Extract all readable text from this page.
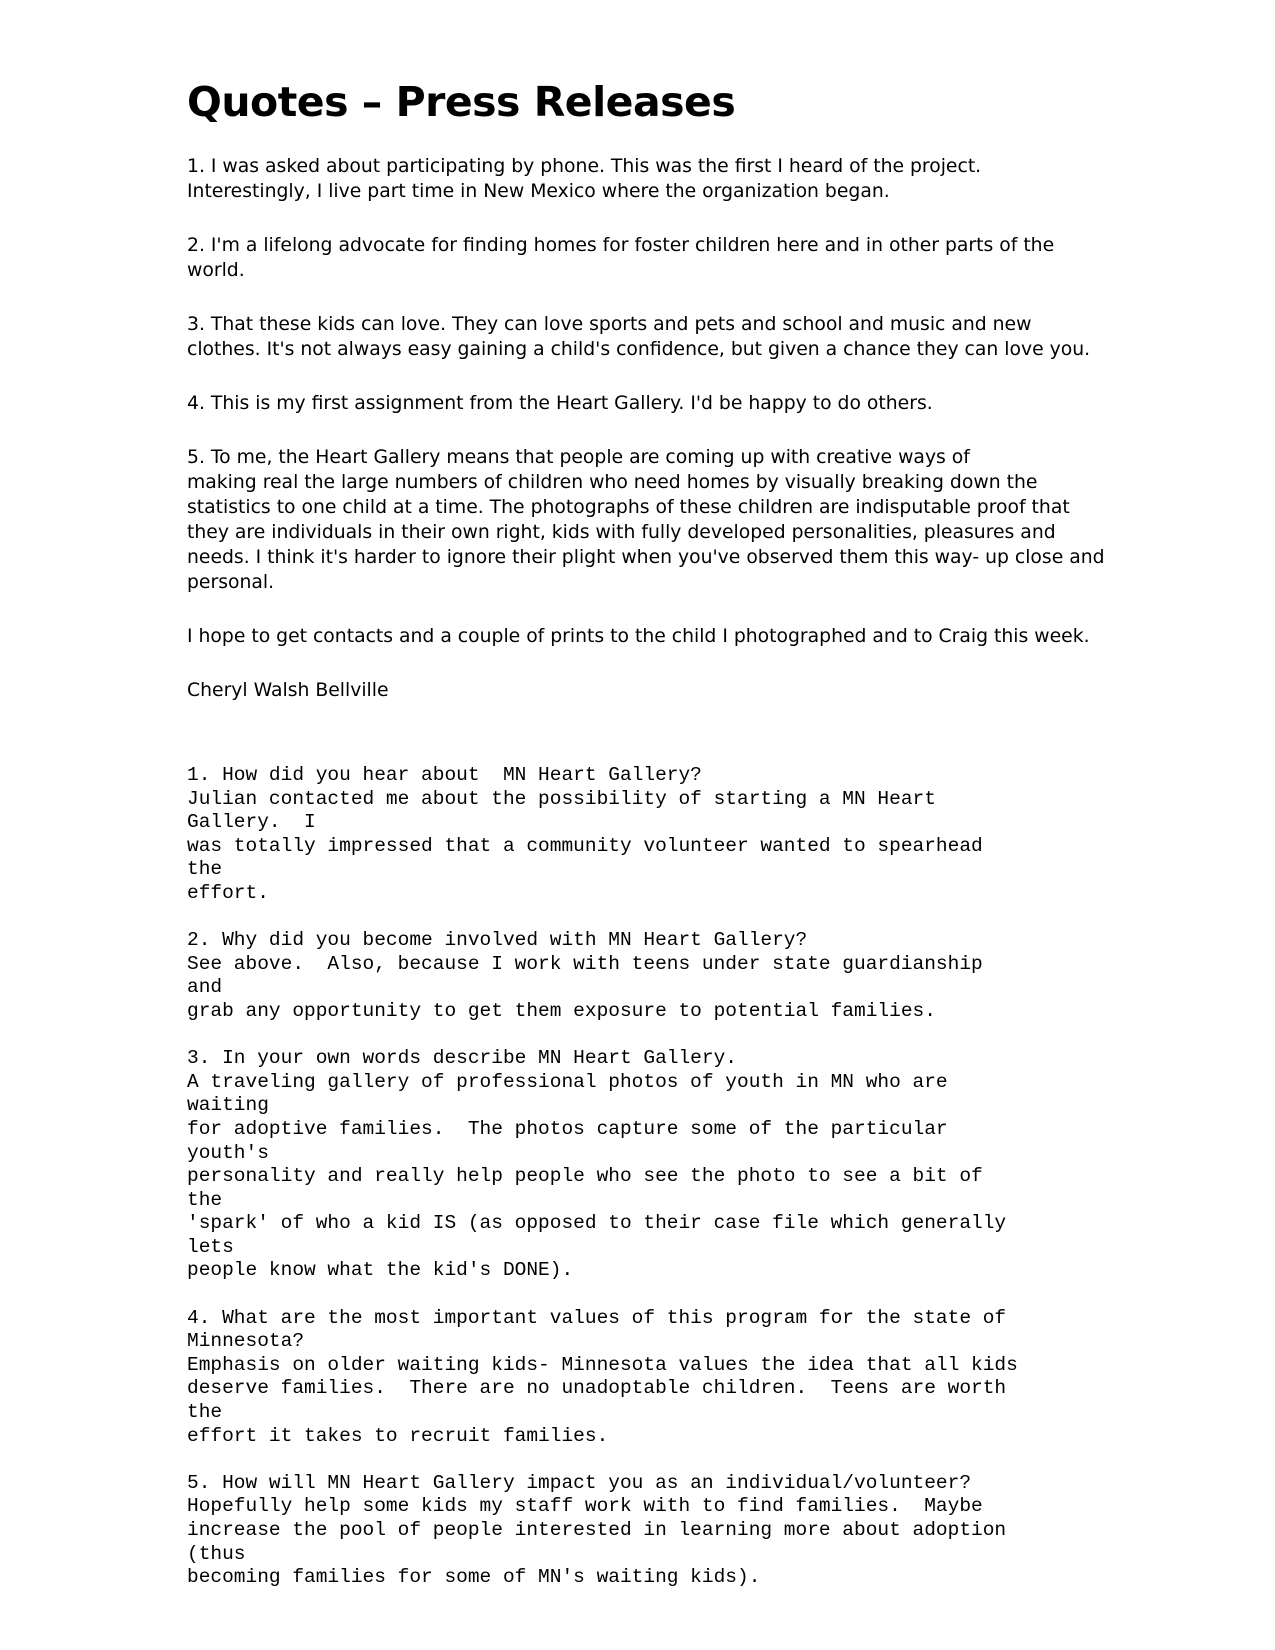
Quotes – Press Releases

1. I was asked about participating by phone. This was the first I heard of the project.
Interestingly, I live part time in New Mexico where the organization began.

2. I'm a lifelong advocate for finding homes for foster children here and in other parts of the
world.

3. That these kids can love. They can love sports and pets and school and music and new
clothes. It's not always easy gaining a child's confidence, but given a chance they can love you.

4. This is my first assignment from the Heart Gallery. I'd be happy to do others.

5. To me, the Heart Gallery means that people are coming up with creative ways of
making real the large numbers of children who need homes by visually breaking down the
statistics to one child at a time. The photographs of these children are indisputable proof that
they are individuals in their own right, kids with fully developed personalities, pleasures and
needs. I think it's harder to ignore their plight when you've observed them this way- up close and
personal.

I hope to get contacts and a couple of prints to the child I photographed and to Craig this week.

Cheryl Walsh Bellville

1. How did you hear about  MN Heart Gallery?
Julian contacted me about the possibility of starting a MN Heart
Gallery.  I
was totally impressed that a community volunteer wanted to spearhead
the
effort.
2. Why did you become involved with MN Heart Gallery?
See above.  Also, because I work with teens under state guardianship
and
grab any opportunity to get them exposure to potential families.
3. In your own words describe MN Heart Gallery.
A traveling gallery of professional photos of youth in MN who are
waiting
for adoptive families.  The photos capture some of the particular
youth's
personality and really help people who see the photo to see a bit of
the
'spark' of who a kid IS (as opposed to their case file which generally
lets
people know what the kid's DONE).
4. What are the most important values of this program for the state of
Minnesota?
Emphasis on older waiting kids- Minnesota values the idea that all kids
deserve families.  There are no unadoptable children.  Teens are worth
the
effort it takes to recruit families.
5. How will MN Heart Gallery impact you as an individual/volunteer?
Hopefully help some kids my staff work with to find families.  Maybe
increase the pool of people interested in learning more about adoption
(thus
becoming families for some of MN's waiting kids).
